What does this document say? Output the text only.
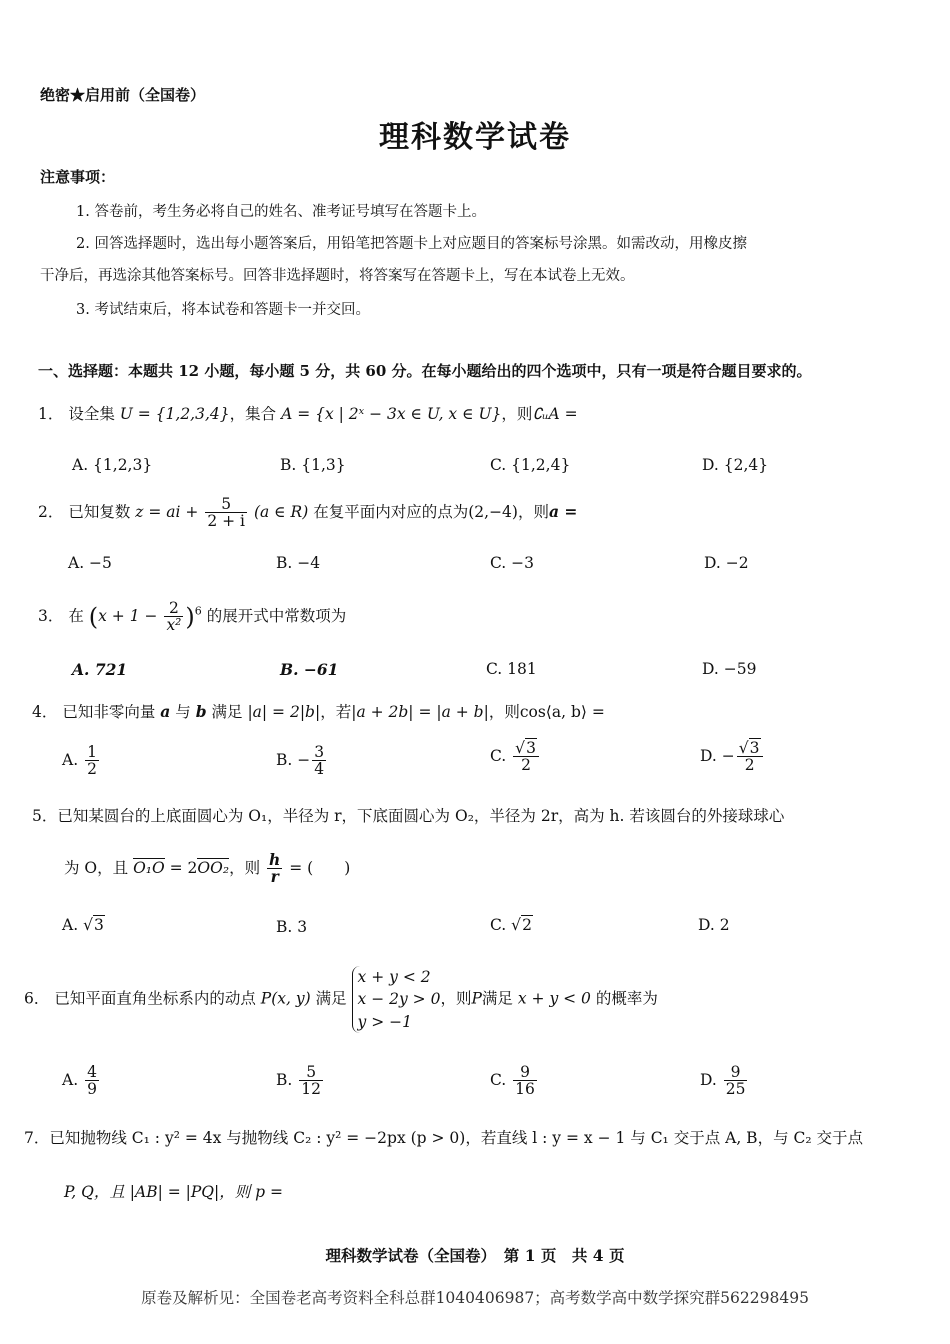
绝密★启用前（全国卷）
理科数学试卷
注意事项：
1. 答卷前，考生务必将自己的姓名、准考证号填写在答题卡上。
2. 回答选择题时，选出每小题答案后，用铅笔把答题卡上对应题目的答案标号涂黑。如需改动，用橡皮擦
干净后，再选涂其他答案标号。回答非选择题时，将答案写在答题卡上，写在本试卷上无效。
3. 考试结束后，将本试卷和答题卡一并交回。
一、选择题：本题共 12 小题，每小题 5 分，共 60 分。在每小题给出的四个选项中，只有一项是符合题目要求的。
1． 设全集 U = {1,2,3,4}，集合 A = {x | 2ˣ − 3x ∈ U, x ∈ U}，则∁ᵤA =
A. {1,2,3}	B. {1,3}	C. {1,2,4}	D. {2,4}
2． 已知复数 z = ai + $\frac{5}{2 + i} (a$ ∈ R) 在复平面内对应的点为(2,−4)，则a =
A. −5	B. −4	C. −3	D. −2
3． 在 $(x + 1 - \frac{2}{\text{x²}} )^6$ 的展开式中常数项为
A. 721	B. −61	C. 181	D. −59
4． 已知非零向量 a 与 b 满足 |a| = 2|b|，若|a + 2b| = |a + b|，则cos⟨a, b⟩ =
A. $\frac{1}{2}$	B. − $\frac{3}{4}$	C. $\frac{√3}{2}$	D. − $\frac{√3}{2}$
5．已知某圆台的上底面圆心为 O₁，半径为 r，下底面圆心为 O₂，半径为 2r，高为 h. 若该圆台的外接球球心
为 O，且 O₁O = 2OO₂，则 $\frac{h}{r}$ = (　　)
A. √3	B. 3	C. √2	D. 2
6． 已知平面直角坐标系内的动点 P(x, y) 满足
x + y < 2
x − 2y > 0
y > −1
，则P满足 x + y < 0 的概率为
A. $\frac{4}{9}$	B. $\frac{5}{12}$	C. $\frac{9}{16}$	D. $\frac{9}{25}$
7．已知抛物线 C₁ : y² = 4x 与抛物线 C₂ : y² = −2px (p > 0)，若直线 l : y = x − 1 与 C₁ 交于点 A, B，与 C₂ 交于点
P, Q，且 |AB| = |PQ|，则 p =
理科数学试卷（全国卷）　第 1 页　共 4 页
原卷及解析见：全国卷老高考资料全科总群1040406987；高考数学高中数学探究群562298495
